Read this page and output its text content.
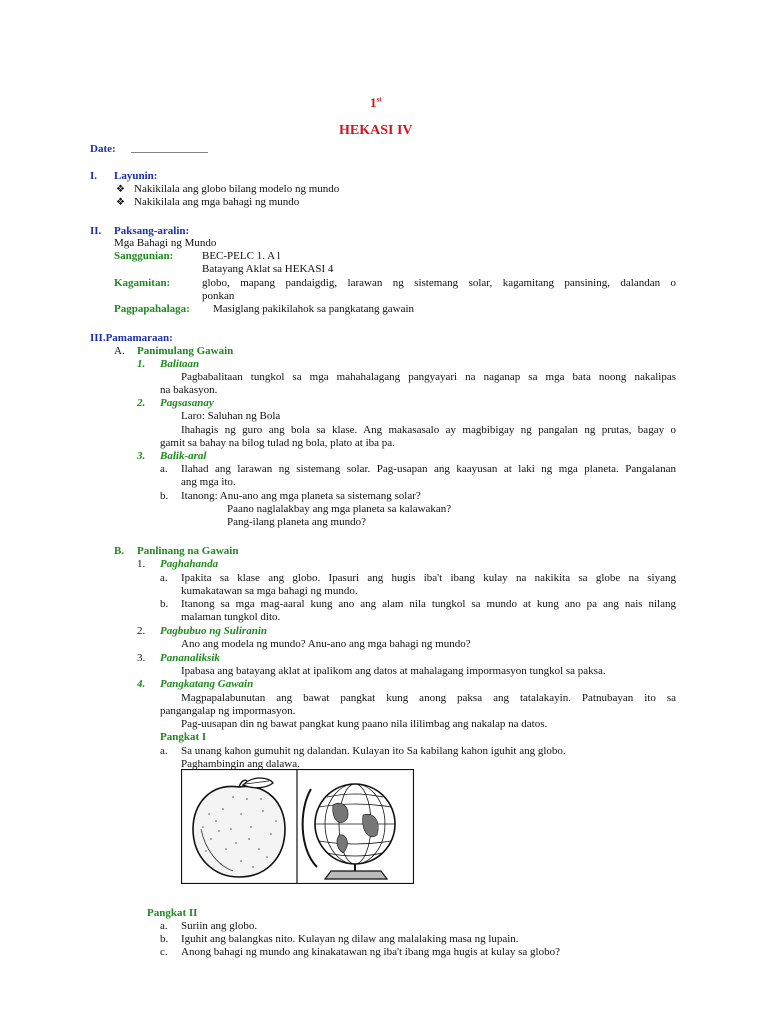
1st
HEKASI IV
Date: ______________
I. Layunin:
❖ Nakikilala ang globo bilang modelo ng mundo
❖ Nakikilala ang mga bahagi ng mundo
II. Paksang-aralin:
Mga Bahagi ng Mundo
Sanggunian:	BEC-PELC 1. A l
Batayang Aklat sa HEKASI 4
Kagamitan:	globo, mapang pandaigdig, larawan ng sistemang solar, kagamitang pansining, dalandan o
ponkan
Pagpapahalaga: Masiglang pakikilahok sa pangkatang gawain
III.Pamamaraan:
A. Panimulang Gawain
1. Balitaan
Pagbabalitaan tungkol sa mga mahahalagang pangyayari na naganap sa mga bata noong nakalipas
na bakasyon.
2. Pagsasanay
Laro: Saluhan ng Bola
Ihahagis ng guro ang bola sa klase. Ang makasasalo ay magbibigay ng pangalan ng prutas, bagay o
gamit sa bahay na bilog tulad ng bola, plato at iba pa.
3. Balik-aral
a. Ilahad ang larawan ng sistemang solar. Pag-usapan ang kaayusan at laki ng mga planeta. Pangalanan
ang mga ito.
b. Itanong: Anu-ano ang mga planeta sa sistemang solar?
Paano naglalakbay ang mga planeta sa kalawakan?
Pang-ilang planeta ang mundo?
B. Panlinang na Gawain
1. Paghahanda
a. Ipakita sa klase ang globo. Ipasuri ang hugis iba't ibang kulay na nakikita sa globe na siyang
kumakatawan sa mga bahagi ng mundo.
b. Itanong sa mga mag-aaral kung ano ang alam nila tungkol sa mundo at kung ano pa ang nais nilang
malaman tungkol dito.
2. Pagbubuo ng Suliranin
Ano ang modela ng mundo? Anu-ano ang mga bahagi ng mundo?
3. Pananaliksik
Ipabasa ang batayang aklat at ipalikom ang datos at mahalagang impormasyon tungkol sa paksa.
4. Pangkatang Gawain
Magpapalabunutan ang bawat pangkat kung anong paksa ang tatalakayin. Patnubayan ito sa
pangangalap ng impormasyon.
Pag-uusapan din ng bawat pangkat kung paano nila ililimbag ang nakalap na datos.
Pangkat I
a. Sa unang kahon gumuhit ng dalandan. Kulayan ito Sa kabilang kahon iguhit ang globo.
Paghambingin ang dalawa.
Pangkat II
a. Suriin ang globo.
b. Iguhit ang balangkas nito. Kulayan ng dilaw ang malalaking masa ng lupain.
c. Anong bahagi ng mundo ang kinakatawan ng iba't ibang mga hugis at kulay sa globo?
